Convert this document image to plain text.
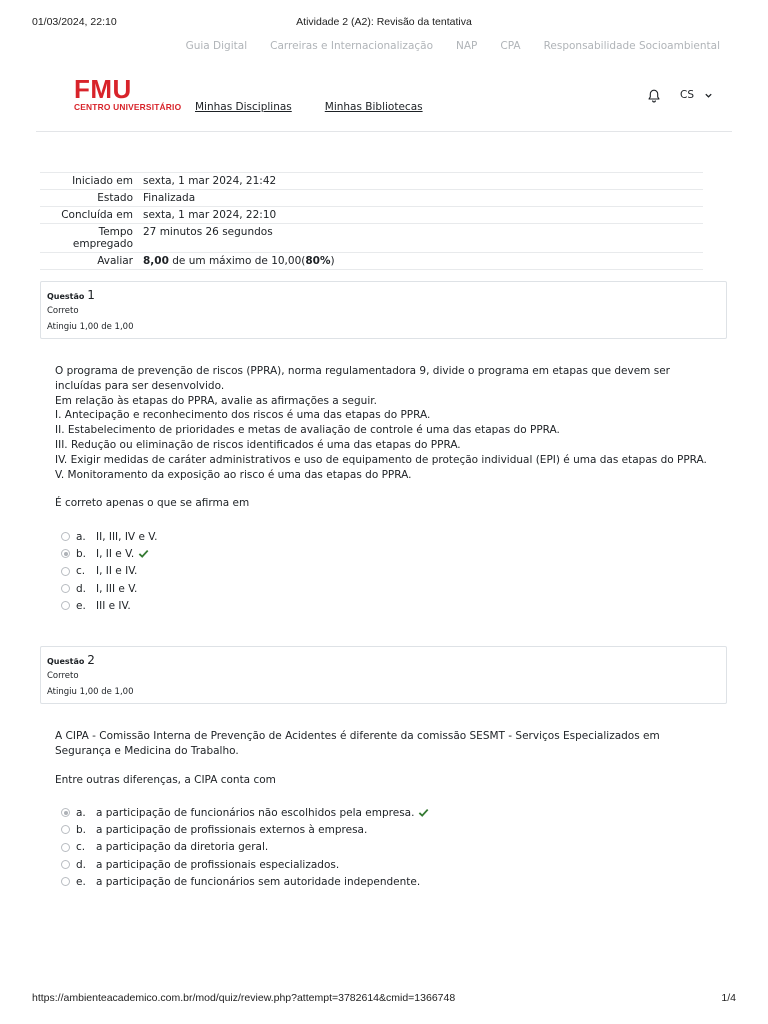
01/03/2024, 22:10	Atividade 2 (A2): Revisão da tentativa
Guia Digital Carreiras e Internacionalização NAP CPA Responsabilidade Socioambiental
FMU
CENTRO UNIVERSITÁRIO Minhas Disciplinas	Minhas Bibliotecas
CS
Iniciado em sexta, 1 mar 2024, 21:42
Estado Finalizada
Concluída em sexta, 1 mar 2024, 22:10
Tempo empregado
27 minutos 26 segundos
Avaliar 8,00 de um máximo de 10,00(80%)
Questão 1
Correto
Atingiu 1,00 de 1,00

O programa de prevenção de riscos (PPRA), norma regulamentadora 9, divide o programa em etapas que devem ser incluídas para ser desenvolvido.

Em relação às etapas do PPRA, avalie as afirmações a seguir.

I. Antecipação e reconhecimento dos riscos é uma das etapas do PPRA.

II. Estabelecimento de prioridades e metas de avaliação de controle é uma das etapas do PPRA.

III. Redução ou eliminação de riscos identificados é uma das etapas do PPRA.

IV. Exigir medidas de caráter administrativos e uso de equipamento de proteção individual (EPI) é uma das etapas do PPRA.

V. Monitoramento da exposição ao risco é uma das etapas do PPRA.

É correto apenas o que se afirma em

a. II, III, IV e V.
b. I, II e V.
c.	I, II e IV.
d. I, III e V.
e. III e IV.
Questão 2
Correto
Atingiu 1,00 de 1,00

A CIPA - Comissão Interna de Prevenção de Acidentes é diferente da comissão SESMT - Serviços Especializados em Segurança e Medicina do Trabalho.

Entre outras diferenças, a CIPA conta com

a. a participação de funcionários não escolhidos pela empresa.
b. a participação de profissionais externos à empresa.
c.	a participação da diretoria geral.
d. a participação de profissionais especializados.
e. a participação de funcionários sem autoridade independente.
https://ambienteacademico.com.br/mod/quiz/review.php?attempt=3782614&cmid=1366748	1/4
